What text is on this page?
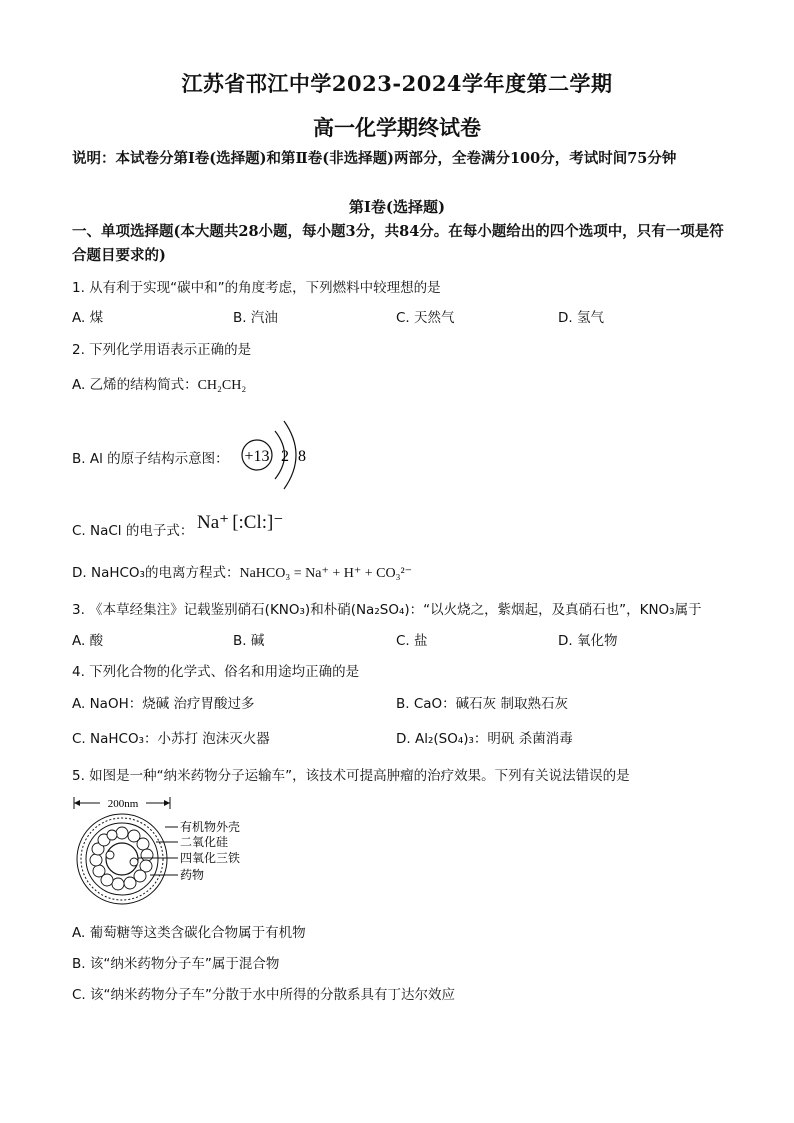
江苏省邗江中学2023-2024学年度第二学期
高一化学期终试卷
说明：本试卷分第Ⅰ卷(选择题)和第Ⅱ卷(非选择题)两部分，全卷满分100分，考试时间75分钟
第Ⅰ卷(选择题)
一、单项选择题(本大题共28小题，每小题3分，共84分。在每小题给出的四个选项中，只有一项是符合题目要求的)
1. 从有利于实现“碳中和”的角度考虑，下列燃料中较理想的是
A. 煤	B. 汽油	C. 天然气	D. 氢气
2. 下列化学用语表示正确的是
A. 乙烯的结构简式：CH₂CH₂
B. Al 的原子结构示意图： +13 2 8
C. NaCl 的电子式： Na⁺ [:Cl:]⁻
D. NaHCO₃的电离方程式：NaHCO₃ = Na⁺ + H⁺ + CO₃²⁻
3. 《本草经集注》记载鉴别硝石(KNO₃)和朴硝(Na₂SO₄)：“以火烧之，紫烟起，及真硝石也”，KNO₃属于
A. 酸	B. 碱	C. 盐	D. 氧化物
4. 下列化合物的化学式、俗名和用途均正确的是
A. NaOH：烧碱 治疗胃酸过多	B. CaO：碱石灰 制取熟石灰
C. NaHCO₃：小苏打 泡沫灭火器	D. Al₂(SO₄)₃：明矾 杀菌消毒
5. 如图是一种“纳米药物分子运输车”，该技术可提高肿瘤的治疗效果。下列有关说法错误的是
200nm
有机物外壳
二氧化硅
四氧化三铁
药物
A. 葡萄糖等这类含碳化合物属于有机物
B. 该“纳米药物分子车”属于混合物
C. 该“纳米药物分子车”分散于水中所得的分散系具有丁达尔效应
